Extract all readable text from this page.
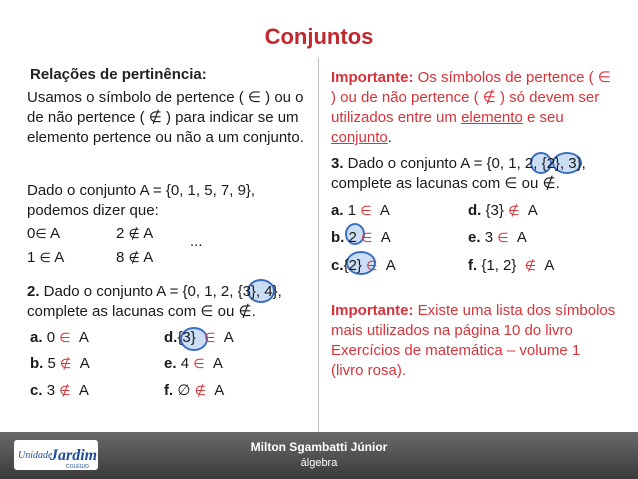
Conjuntos
Relações de pertinência:
Usamos o símbolo de pertence ( ∈ ) ou o de não pertence ( ∉ ) para indicar se um elemento pertence ou não a um conjunto.
Dado o conjunto A = {0, 1, 5, 7, 9}, podemos dizer que:
0∈ A	2 ∉ A ...
1 ∈ A	8 ∉ A
2. Dado o conjunto A = {0, 1, 2, {3}, 4}, complete as lacunas com ∈ ou ∉.
a. 0 ∈ A
b. 5 ∉ A
c. 3 ∉ A
d.{3} ∈ A
e. 4 ∈ A
f. ∅ ∉ A
Importante: Os símbolos de pertence ( ∈ ) ou de não pertence ( ∉ ) só devem ser utilizados entre um elemento e seu conjunto.
3. Dado o conjunto A = {0, 1, 2, {2}, 3}, complete as lacunas com ∈ ou ∉.
a. 1 ∈ A
b. 2 ∈ A
c.{2} ∈ A
d. {3} ∉ A
e. 3 ∈ A
f. {1, 2} ∉ A
Importante: Existe uma lista dos símbolos mais utilizados na página 10 do livro Exercícios de matemática – volume 1 (livro rosa).
Unidade
Jardim
COLÉGIO
Milton Sgambatti Júnior
álgebra
